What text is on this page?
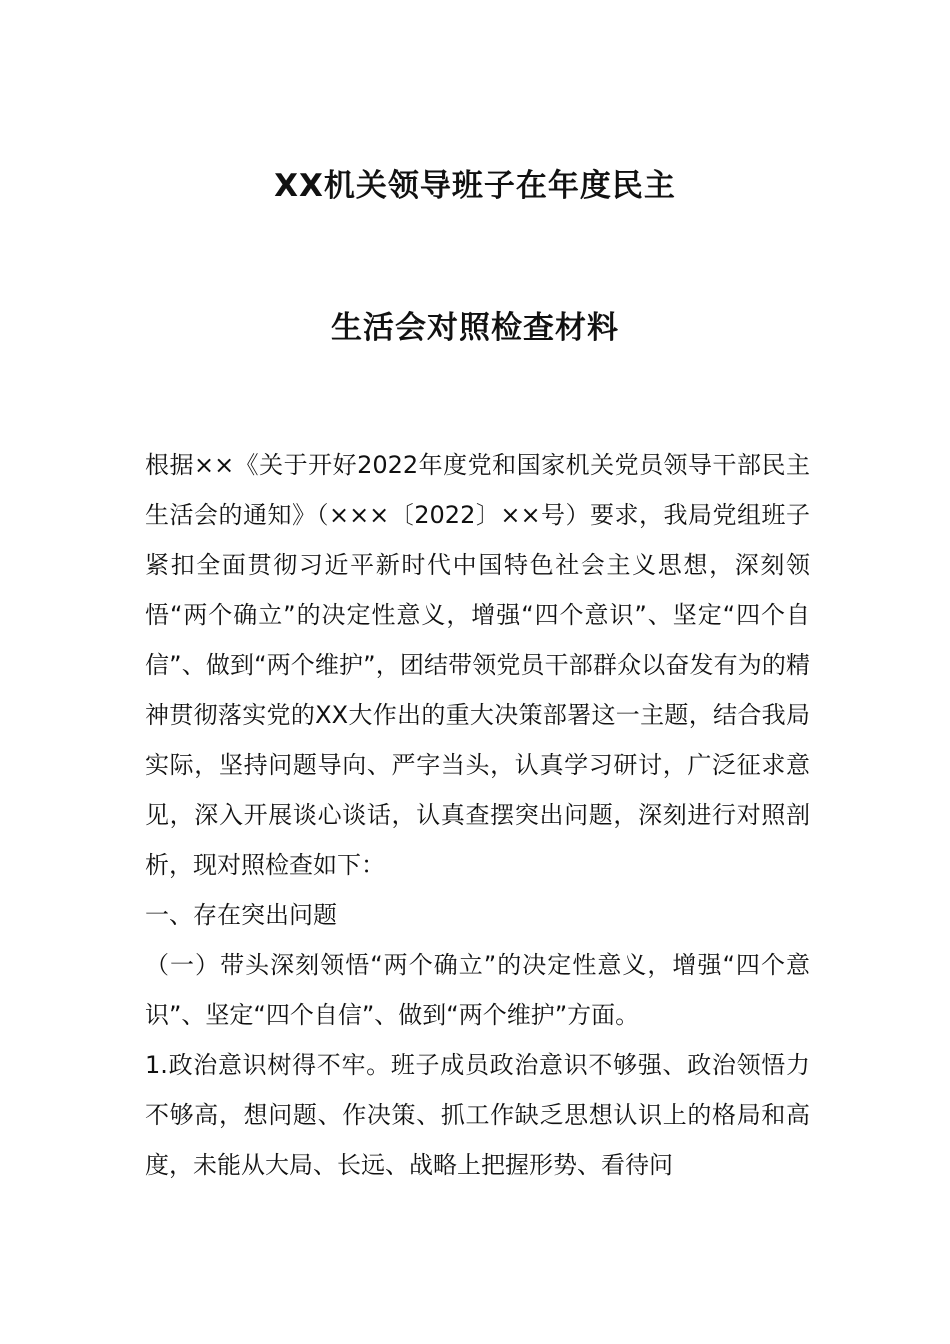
XX机关领导班子在年度民主
生活会对照检查材料

根据××《关于开好2022年度党和国家机关党员领导干部民主生活会的通知》（×××〔2022〕××号）要求，我局党组班子紧扣全面贯彻习近平新时代中国特色社会主义思想，深刻领悟“两个确立”的决定性意义，增强“四个意识”、坚定“四个自信”、做到“两个维护”，团结带领党员干部群众以奋发有为的精神贯彻落实党的XX大作出的重大决策部署这一主题，结合我局实际，坚持问题导向、严字当头，认真学习研讨，广泛征求意见，深入开展谈心谈话，认真查摆突出问题，深刻进行对照剖析，现对照检查如下：

一、存在突出问题

（一）带头深刻领悟“两个确立”的决定性意义，增强“四个意识”、坚定“四个自信”、做到“两个维护”方面。

1.政治意识树得不牢。班子成员政治意识不够强、政治领悟力不够高，想问题、作决策、抓工作缺乏思想认识上的格局和高度，未能从大局、长远、战略上把握形势、看待问
